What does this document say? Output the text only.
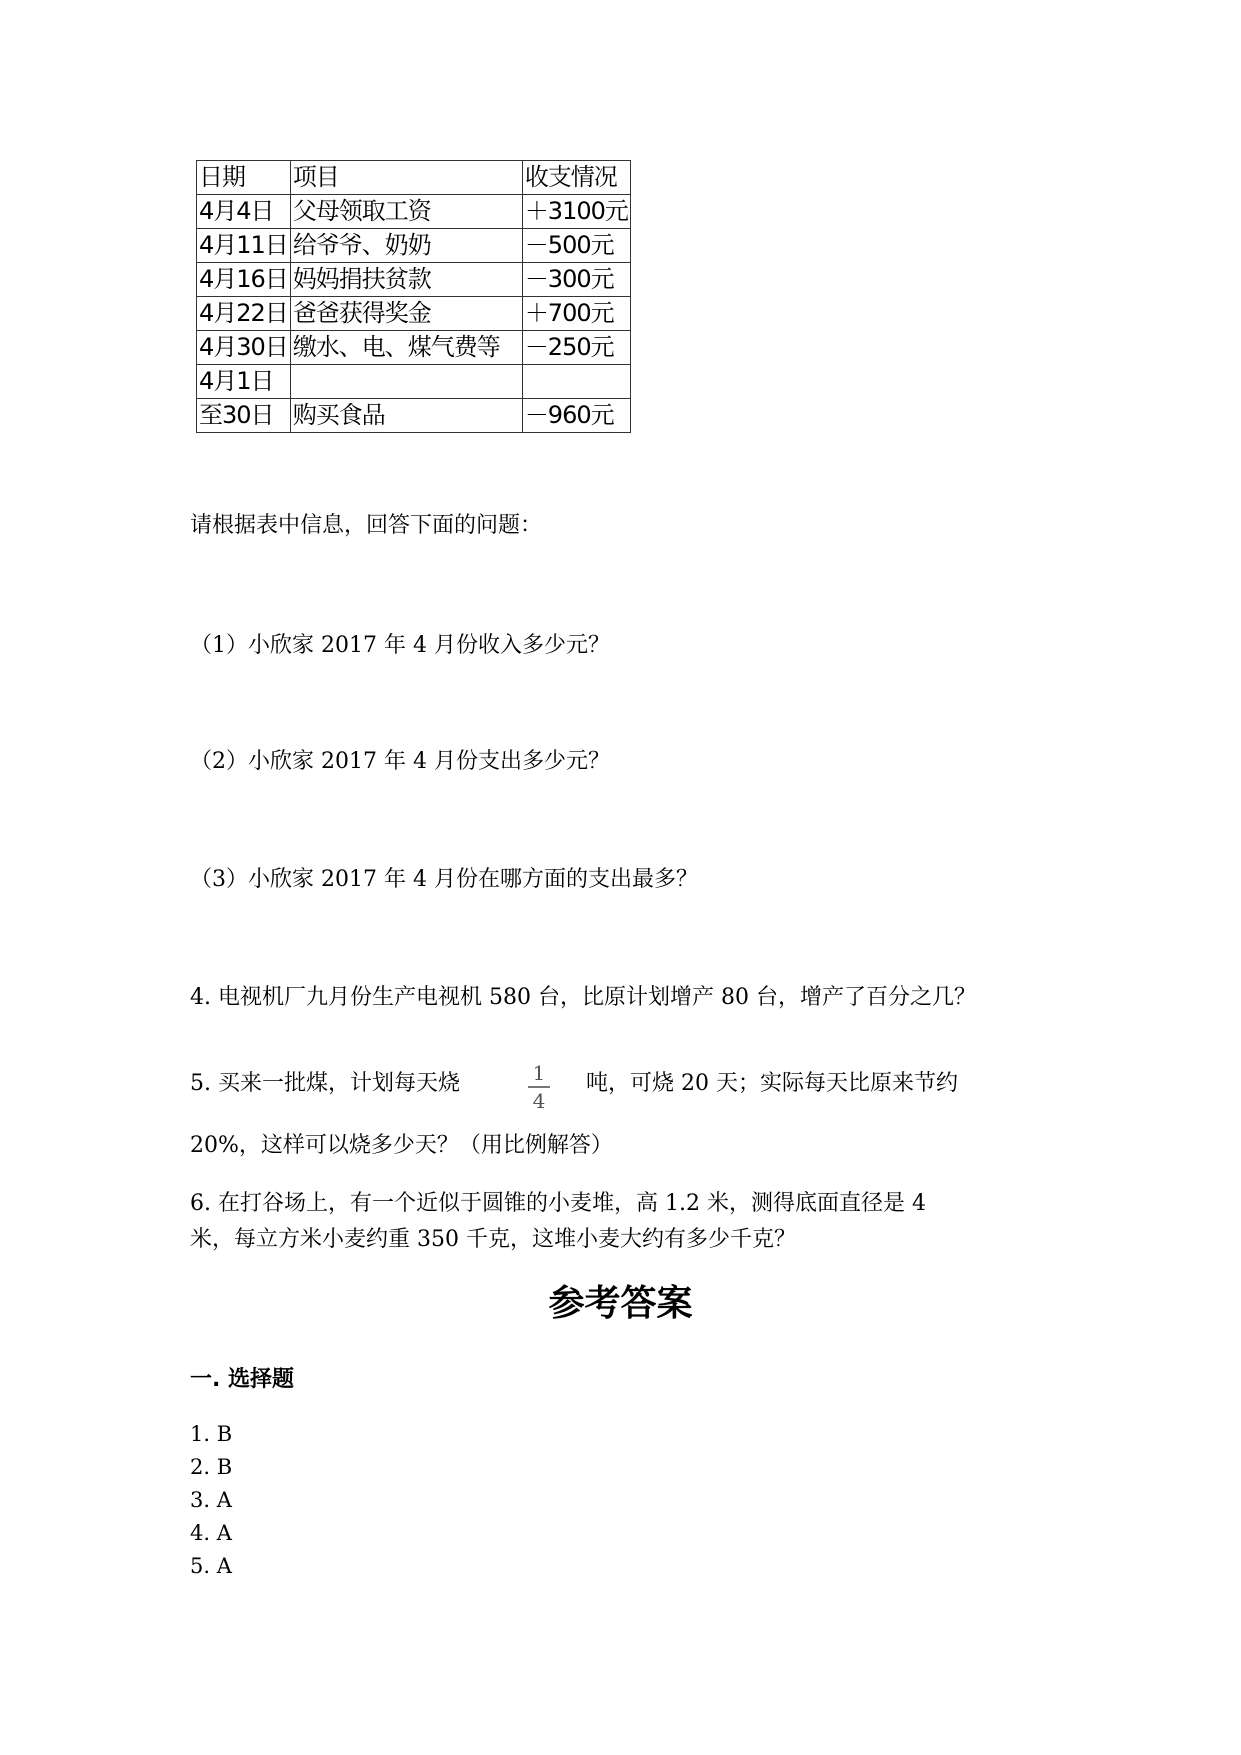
日期	项目	收支情况
4月4日	父母领取工资	＋3100元
4月11日	给爷爷、奶奶	－500元
4月16日	妈妈捐扶贫款	－300元
4月22日	爸爸获得奖金	＋700元
4月30日	缴水、电、煤气费等	－250元
4月1日		
至30日	购买食品	－960元
请根据表中信息，回答下面的问题：
（1）小欣家 2017 年 4 月份收入多少元？
（2）小欣家 2017 年 4 月份支出多少元？
（3）小欣家 2017 年 4 月份在哪方面的支出最多？
4. 电视机厂九月份生产电视机 580 台，比原计划增产 80 台，增产了百分之几？
5. 买来一批煤，计划每天烧	1
4
吨，可烧 20 天；实际每天比原来节约
20%，这样可以烧多少天？（用比例解答）
6. 在打谷场上，有一个近似于圆锥的小麦堆，高 1.2 米，测得底面直径是 4
米，每立方米小麦约重 350 千克，这堆小麦大约有多少千克？
参考答案
一. 选择题
1. B
2. B
3. A
4. A
5. A
